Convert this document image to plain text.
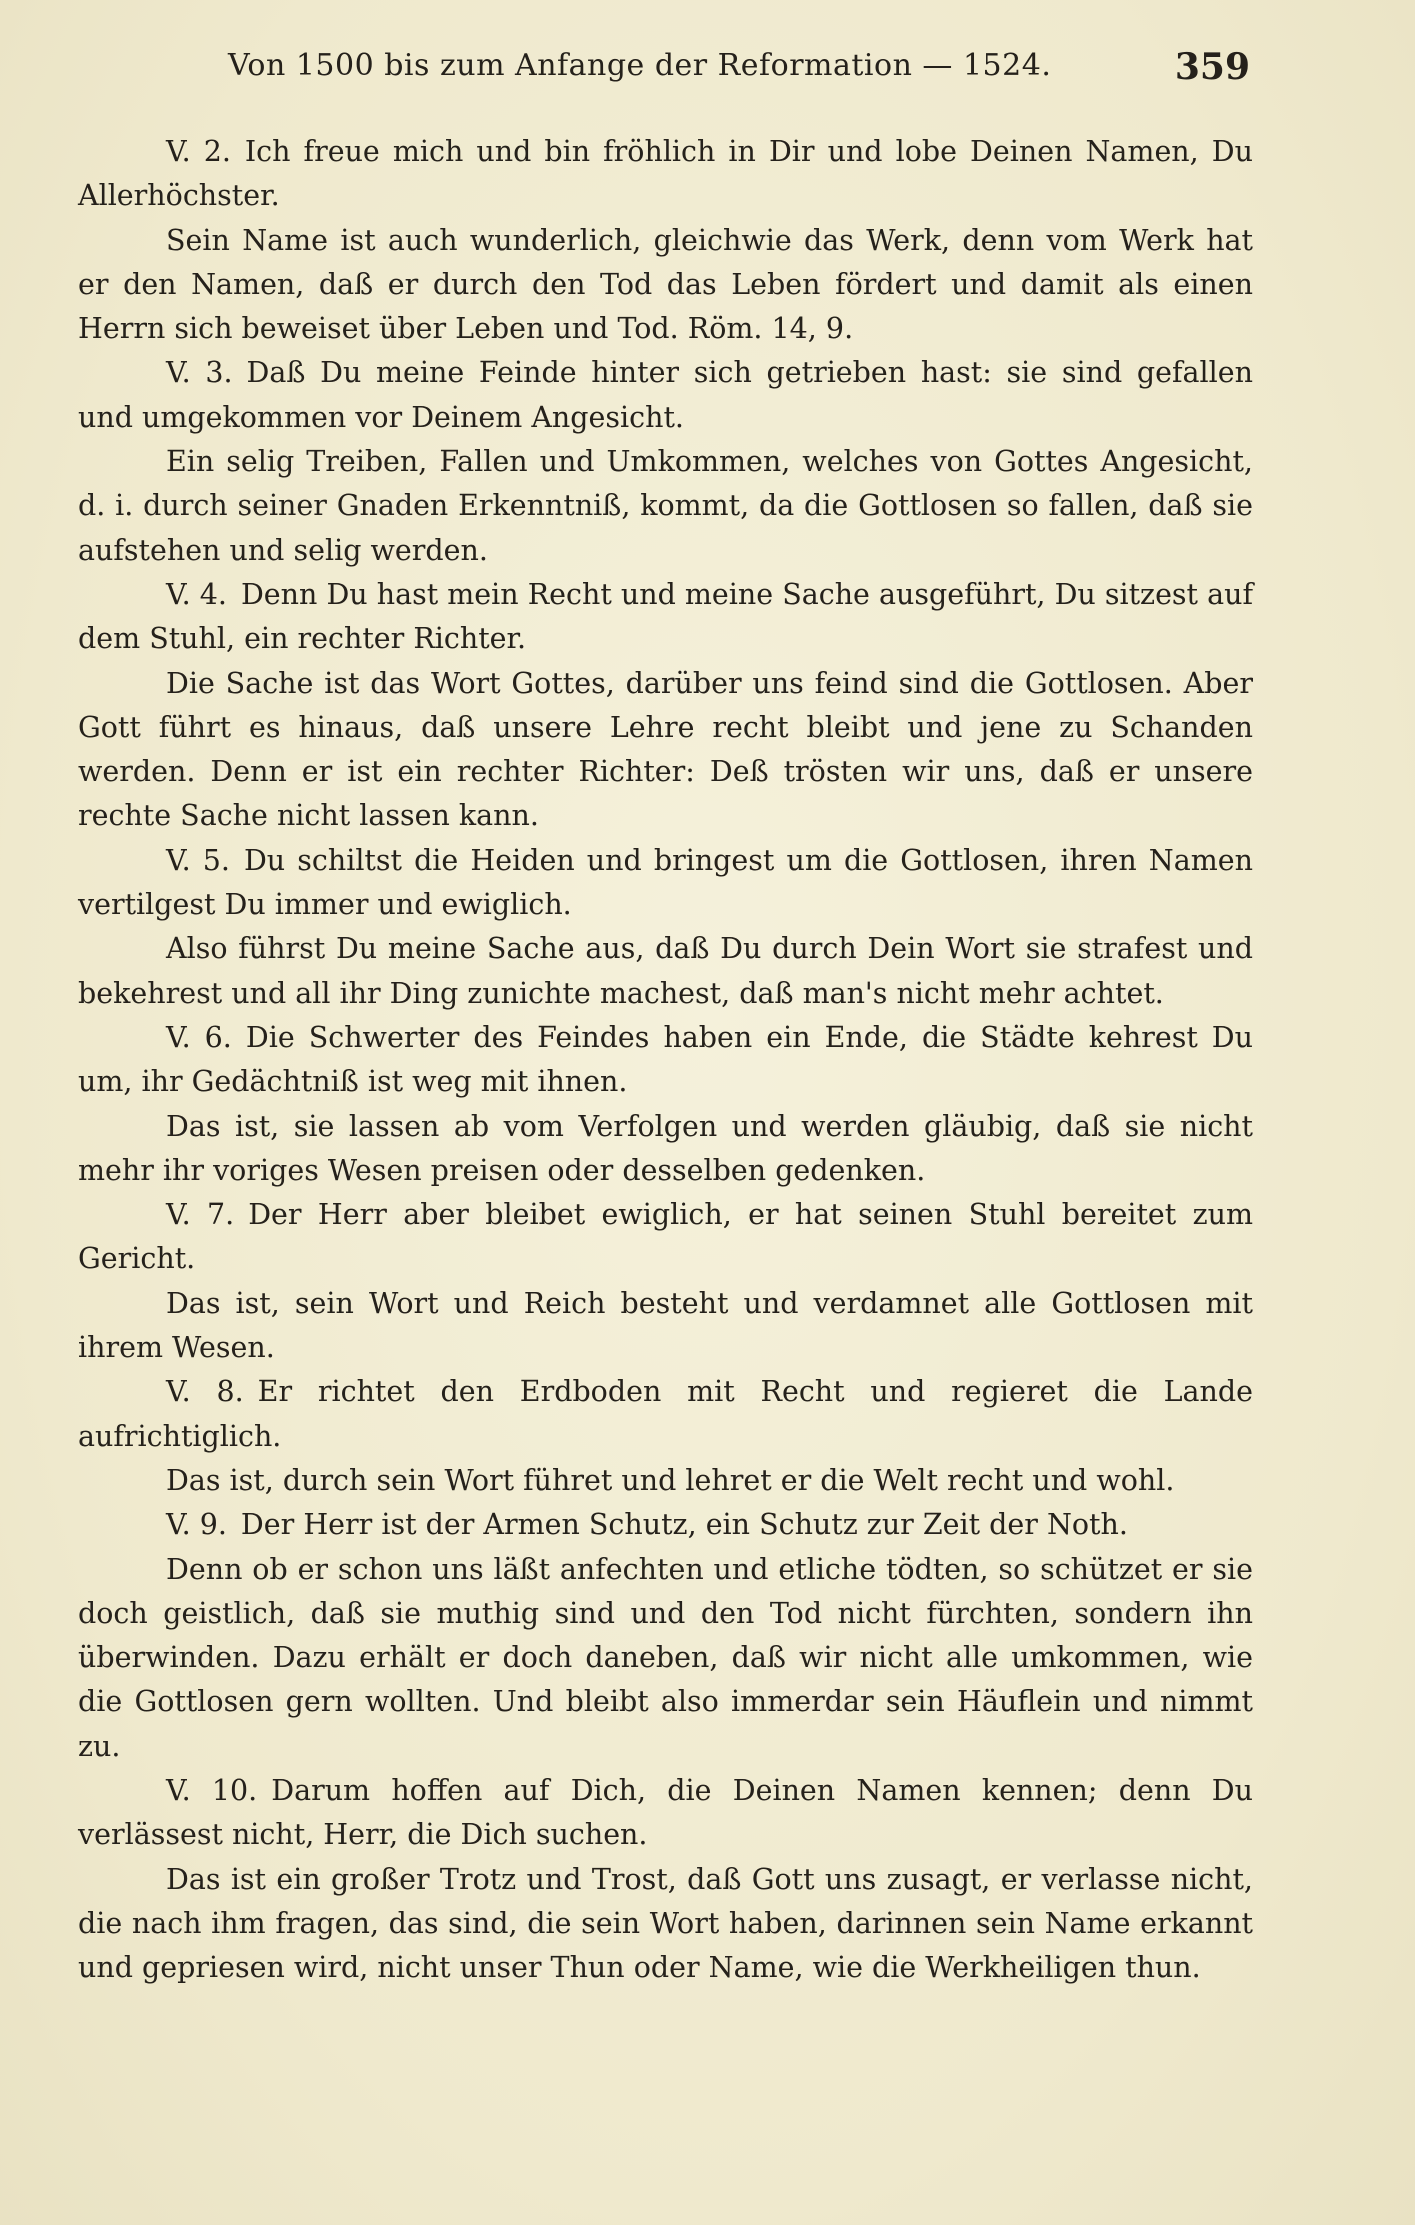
Von 1500 bis zum Anfange der Reformation — 1524.	359

V. 2. Ich freue mich und bin fröhlich in Dir und lobe Deinen Namen, Du Allerhöchster.

Sein Name ist auch wunderlich, gleichwie das Werk, denn vom Werk hat er den Namen, daß er durch den Tod das Leben fördert und damit als einen Herrn sich beweiset über Leben und Tod. Röm. 14, 9.

V. 3. Daß Du meine Feinde hinter sich getrieben hast: sie sind gefallen und umgekommen vor Deinem Angesicht.

Ein selig Treiben, Fallen und Umkommen, welches von Gottes Angesicht, d. i. durch seiner Gnaden Erkenntniß, kommt, da die Gottlosen so fallen, daß sie aufstehen und selig werden.

V. 4. Denn Du hast mein Recht und meine Sache ausgeführt, Du sitzest auf dem Stuhl, ein rechter Richter.

Die Sache ist das Wort Gottes, darüber uns feind sind die Gottlosen. Aber Gott führt es hinaus, daß unsere Lehre recht bleibt und jene zu Schanden werden. Denn er ist ein rechter Richter: Deß trösten wir uns, daß er unsere rechte Sache nicht lassen kann.

V. 5. Du schiltst die Heiden und bringest um die Gottlosen, ihren Namen vertilgest Du immer und ewiglich.

Also führst Du meine Sache aus, daß Du durch Dein Wort sie strafest und bekehrest und all ihr Ding zunichte machest, daß man's nicht mehr achtet.

V. 6. Die Schwerter des Feindes haben ein Ende, die Städte kehrest Du um, ihr Gedächtniß ist weg mit ihnen.

Das ist, sie lassen ab vom Verfolgen und werden gläubig, daß sie nicht mehr ihr voriges Wesen preisen oder desselben gedenken.

V. 7. Der Herr aber bleibet ewiglich, er hat seinen Stuhl bereitet zum Gericht.

Das ist, sein Wort und Reich besteht und verdamnet alle Gottlosen mit ihrem Wesen.

V. 8. Er richtet den Erdboden mit Recht und regieret die Lande aufrichtiglich.

Das ist, durch sein Wort führet und lehret er die Welt recht und wohl.

V. 9. Der Herr ist der Armen Schutz, ein Schutz zur Zeit der Noth.

Denn ob er schon uns läßt anfechten und etliche tödten, so schützet er sie doch geistlich, daß sie muthig sind und den Tod nicht fürchten, sondern ihn überwinden. Dazu erhält er doch daneben, daß wir nicht alle umkommen, wie die Gottlosen gern wollten. Und bleibt also immerdar sein Häuflein und nimmt zu.

V. 10. Darum hoffen auf Dich, die Deinen Namen kennen; denn Du verlässest nicht, Herr, die Dich suchen.

Das ist ein großer Trotz und Trost, daß Gott uns zusagt, er verlasse nicht, die nach ihm fragen, das sind, die sein Wort haben, darinnen sein Name erkannt und gepriesen wird, nicht unser Thun oder Name, wie die Werkheiligen thun.
